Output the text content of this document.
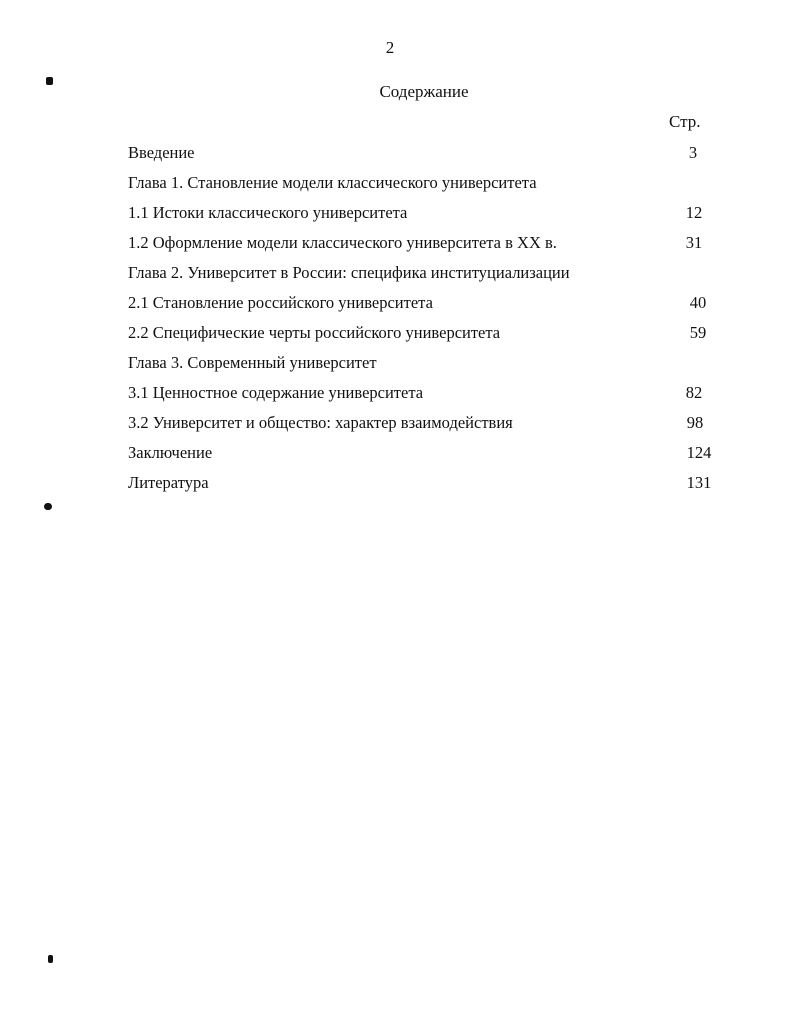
2
Содержание
Стр.
Введение	3
Глава 1. Становление модели классического университета
1.1 Истоки классического университета	12
1.2 Оформление модели классического университета в XX в.	31
Глава 2. Университет в России: специфика институциализации
2.1 Становление российского университета	40
2.2 Специфические черты российского университета	59
Глава 3. Современный университет
3.1 Ценностное содержание университета	82
3.2 Университет и общество: характер взаимодействия	98
Заключение	124
Литература	131
